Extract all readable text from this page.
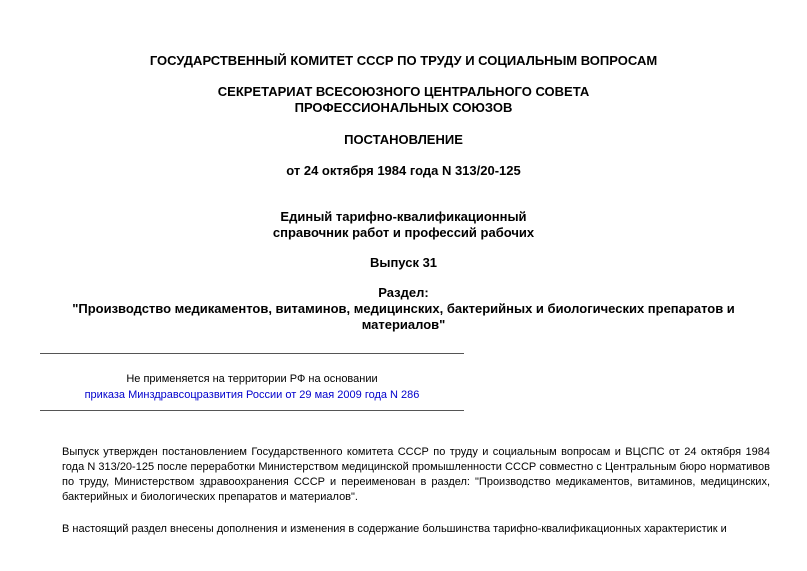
ГОСУДАРСТВЕННЫЙ КОМИТЕТ СССР ПО ТРУДУ И СОЦИАЛЬНЫМ ВОПРОСАМ
СЕКРЕТАРИАТ ВСЕСОЮЗНОГО ЦЕНТРАЛЬНОГО СОВЕТА
ПРОФЕССИОНАЛЬНЫХ СОЮЗОВ
ПОСТАНОВЛЕНИЕ
от 24 октября 1984 года N 313/20-125
Единый тарифно-квалификационный
справочник работ и профессий рабочих
Выпуск 31
Раздел:
"Производство медикаментов, витаминов, медицинских, бактерийных и биологических препаратов и
материалов"
Не применяется на территории РФ на основании
приказа Минздравсоцразвития России от 29 мая 2009 года N 286
Выпуск утвержден постановлением Государственного комитета СССР по труду и социальным вопросам и ВЦСПС от 24 октября 1984 года N 313/20-125 после переработки Министерством медицинской промышленности СССР совместно с Центральным бюро нормативов по труду, Министерством здравоохранения СССР и переименован в раздел: "Производство медикаментов, витаминов, медицинских, бактерийных и биологических препаратов и материалов".
В настоящий раздел внесены дополнения и изменения в содержание большинства тарифно-квалификационных характеристик и
